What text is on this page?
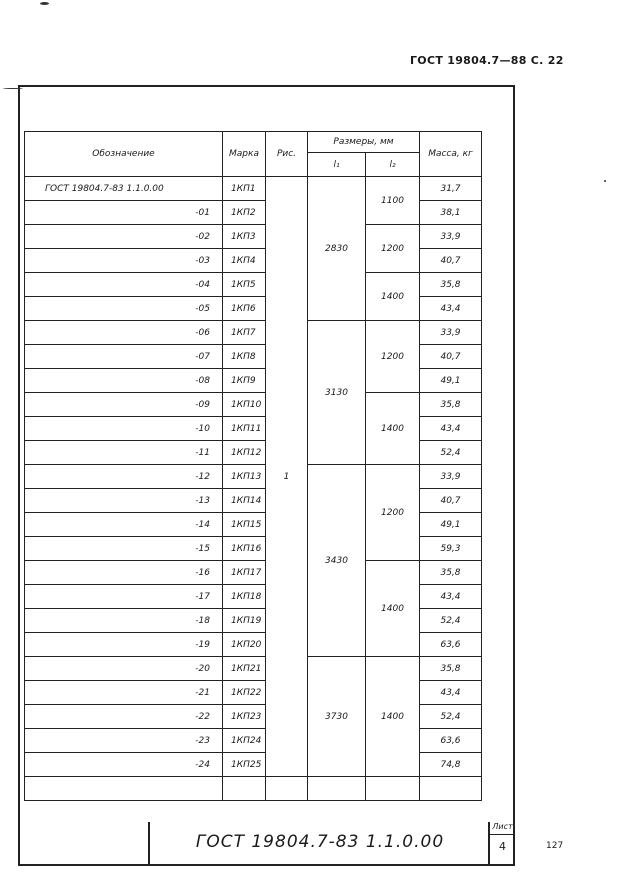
ГОСТ 19804.7—88 С. 22
Обозначение	Марка	Рис.	Размеры, мм		Масса, кг
			l₁	l₂	
ГОСТ 19804.7-83 1.1.0.00	1КП1	1	2830	1100	31,7
-01	1КП2				38,1
-02	1КП3			1200	33,9
-03	1КП4				40,7
-04	1КП5			1400	35,8
-05	1КП6				43,4
-06	1КП7		3130	1200	33,9
-07	1КП8				40,7
-08	1КП9				49,1
-09	1КП10			1400	35,8
-10	1КП11				43,4
-11	1КП12				52,4
-12	1КП13		3430	1200	33,9
-13	1КП14				40,7
-14	1КП15				49,1
-15	1КП16				59,3
-16	1КП17			1400	35,8
-17	1КП18				43,4
-18	1КП19				52,4
-19	1КП20				63,6
-20	1КП21		3730	1400	35,8
-21	1КП22				43,4
-22	1КП23				52,4
-23	1КП24				63,6
-24	1КП25				74,8

ГОСТ 19804.7-83 1.1.0.00
Лист
4	127
